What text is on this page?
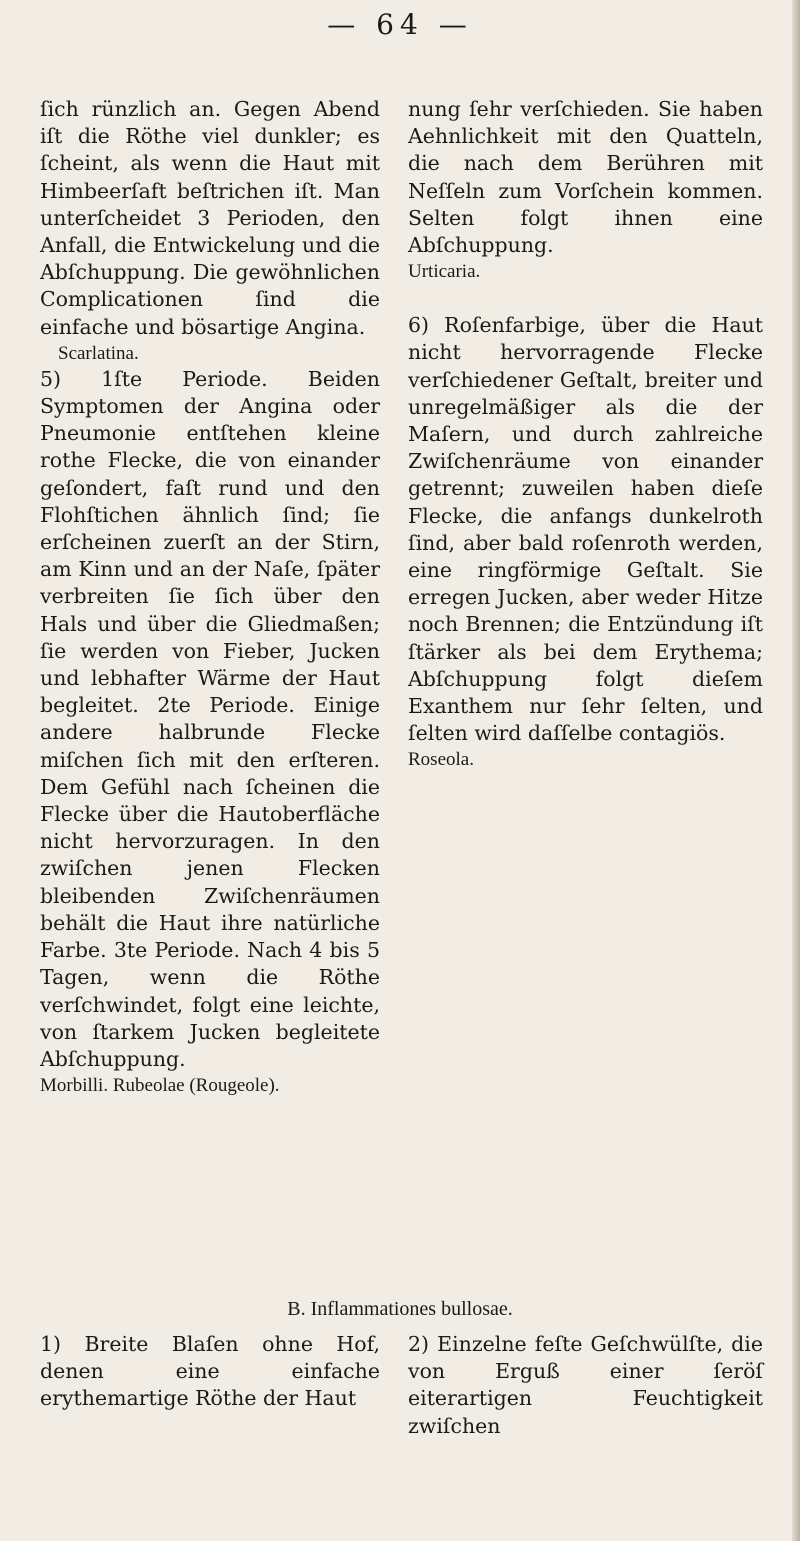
— 64 —

ſich rünzlich an. Gegen Abend iſt die Röthe viel dunkler; es ſcheint, als wenn die Haut mit Himbeerſaft beſtrichen iſt. Man unterſcheidet 3 Perioden, den Anfall, die Entwickelung und die Abſchuppung. Die gewöhnlichen Complicationen ſind die einfache und bösartige Angina.

Scarlatina.

5) 1ſte Periode. Beiden Symptomen der Angina oder Pneumonie entſtehen kleine rothe Flecke, die von einander geſondert, faſt rund und den Flohſtichen ähnlich ſind; ſie erſcheinen zuerſt an der Stirn, am Kinn und an der Naſe, ſpäter verbreiten ſie ſich über den Hals und über die Gliedmaßen; ſie werden von Fieber, Jucken und lebhafter Wärme der Haut begleitet. 2te Periode. Einige andere halbrunde Flecke miſchen ſich mit den erſteren. Dem Gefühl nach ſcheinen die Flecke über die Hautoberfläche nicht hervorzuragen. In den zwiſchen jenen Flecken bleibenden Zwiſchenräumen behält die Haut ihre natürliche Farbe. 3te Periode. Nach 4 bis 5 Tagen, wenn die Röthe verſchwindet, folgt eine leichte, von ſtarkem Jucken begleitete Abſchuppung.

Morbilli. Rubeolae (Rougeole).

nung ſehr verſchieden. Sie haben Aehnlichkeit mit den Quatteln, die nach dem Berühren mit Neſſeln zum Vorſchein kommen. Selten folgt ihnen eine Abſchuppung.

Urticaria.

6) Roſenfarbige, über die Haut nicht hervorragende Flecke verſchiedener Geſtalt, breiter und unregelmäßiger als die der Maſern, und durch zahlreiche Zwiſchenräume von einander getrennt; zuweilen haben dieſe Flecke, die anfangs dunkelroth ſind, aber bald roſenroth werden, eine ringförmige Geſtalt. Sie erregen Jucken, aber weder Hitze noch Brennen; die Entzündung iſt ſtärker als bei dem Erythema; Abſchuppung folgt dieſem Exanthem nur ſehr ſelten, und ſelten wird daſſelbe contagiös.

Roseola.

B. Inflammationes bullosae.

1) Breite Blaſen ohne Hof, denen eine einfache erythemartige Röthe der Haut

2) Einzelne feſte Geſchwülſte, die von Erguß einer ſeröſ eiterartigen Feuchtigkeit zwiſchen
